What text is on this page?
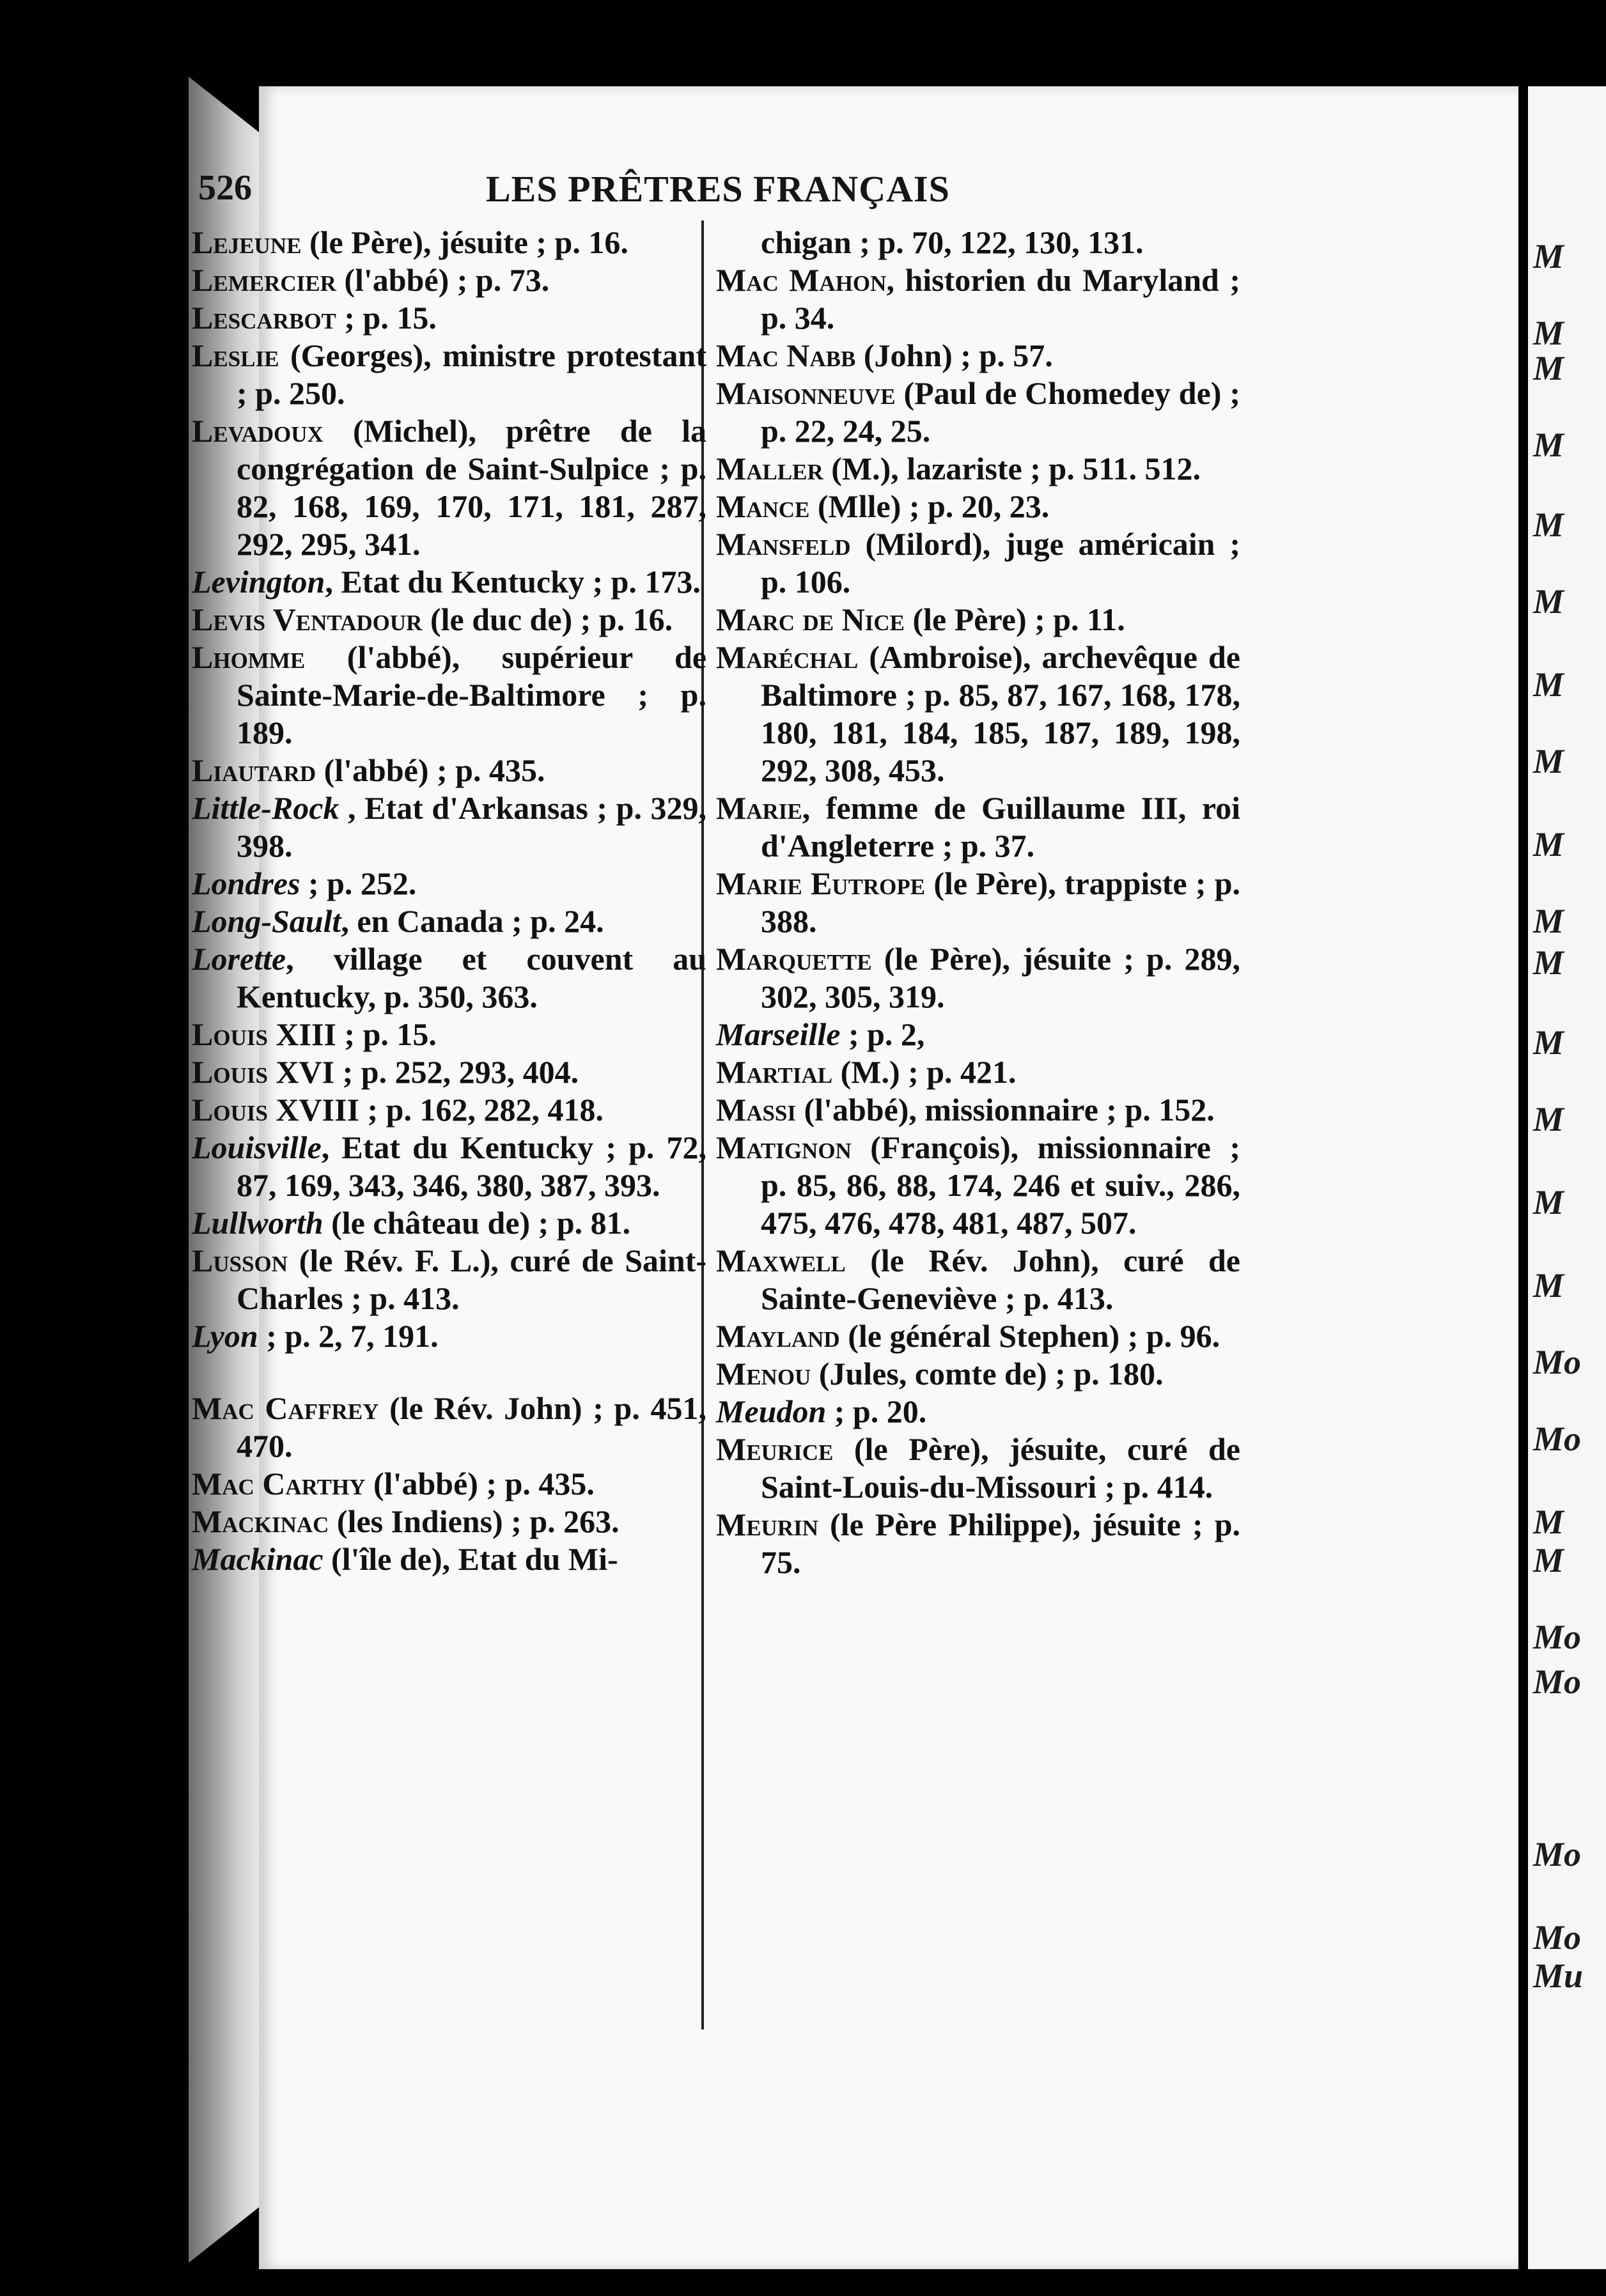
M
M
M
M
M
M
M
M
M
M
M
M
M
M
M
Mo
Mo
M
M
Mo
Mo
Mo
Mo
Mu
526	LES PRÊTRES FRANÇAIS

Lejeune (le Père), jésuite ; p. 16.

Lemercier (l'abbé) ; p. 73.

Lescarbot ; p. 15.

Leslie (Georges), ministre protestant ; p. 250.

Levadoux (Michel), prêtre de la congrégation de Saint-Sulpice ; p. 82, 168, 169, 170, 171, 181, 287, 292, 295, 341.

Levington, Etat du Kentucky ; p. 173.

Levis Ventadour (le duc de) ; p. 16.

Lhomme (l'abbé), supérieur de Sainte-Marie-de-Baltimore ; p. 189.

Liautard (l'abbé) ; p. 435.

Little-Rock , Etat d'Arkansas ; p. 329, 398.

Londres ; p. 252.

Long-Sault, en Canada ; p. 24.

Lorette, village et couvent au Kentucky, p. 350, 363.

Louis XIII ; p. 15.

Louis XVI ; p. 252, 293, 404.

Louis XVIII ; p. 162, 282, 418.

Louisville, Etat du Kentucky ; p. 72, 87, 169, 343, 346, 380, 387, 393.

Lullworth (le château de) ; p. 81.

Lusson (le Rév. F. L.), curé de Saint-Charles ; p. 413.

Lyon ; p. 2, 7, 191.

Mac Caffrey (le Rév. John) ; p. 451, 470.

Mac Carthy (l'abbé) ; p. 435.

Mackinac (les Indiens) ; p. 263.

Mackinac (l'île de), Etat du Mi-

chigan ; p. 70, 122, 130, 131.

Mac Mahon, historien du Maryland ; p. 34.

Mac Nabb (John) ; p. 57.

Maisonneuve (Paul de Chomedey de) ; p. 22, 24, 25.

Maller (M.), lazariste ; p. 511. 512.

Mance (Mlle) ; p. 20, 23.

Mansfeld (Milord), juge américain ; p. 106.

Marc de Nice (le Père) ; p. 11.

Maréchal (Ambroise), archevêque de Baltimore ; p. 85, 87, 167, 168, 178, 180, 181, 184, 185, 187, 189, 198, 292, 308, 453.

Marie, femme de Guillaume III, roi d'Angleterre ; p. 37.

Marie Eutrope (le Père), trappiste ; p. 388.

Marquette (le Père), jésuite ; p. 289, 302, 305, 319.

Marseille ; p. 2,

Martial (M.) ; p. 421.

Massi (l'abbé), missionnaire ; p. 152.

Matignon (François), missionnaire ; p. 85, 86, 88, 174, 246 et suiv., 286, 475, 476, 478, 481, 487, 507.

Maxwell (le Rév. John), curé de Sainte-Geneviève ; p. 413.

Mayland (le général Stephen) ; p. 96.

Menou (Jules, comte de) ; p. 180.

Meudon ; p. 20.

Meurice (le Père), jésuite, curé de Saint-Louis-du-Missouri ; p. 414.

Meurin (le Père Philippe), jésuite ; p. 75.
